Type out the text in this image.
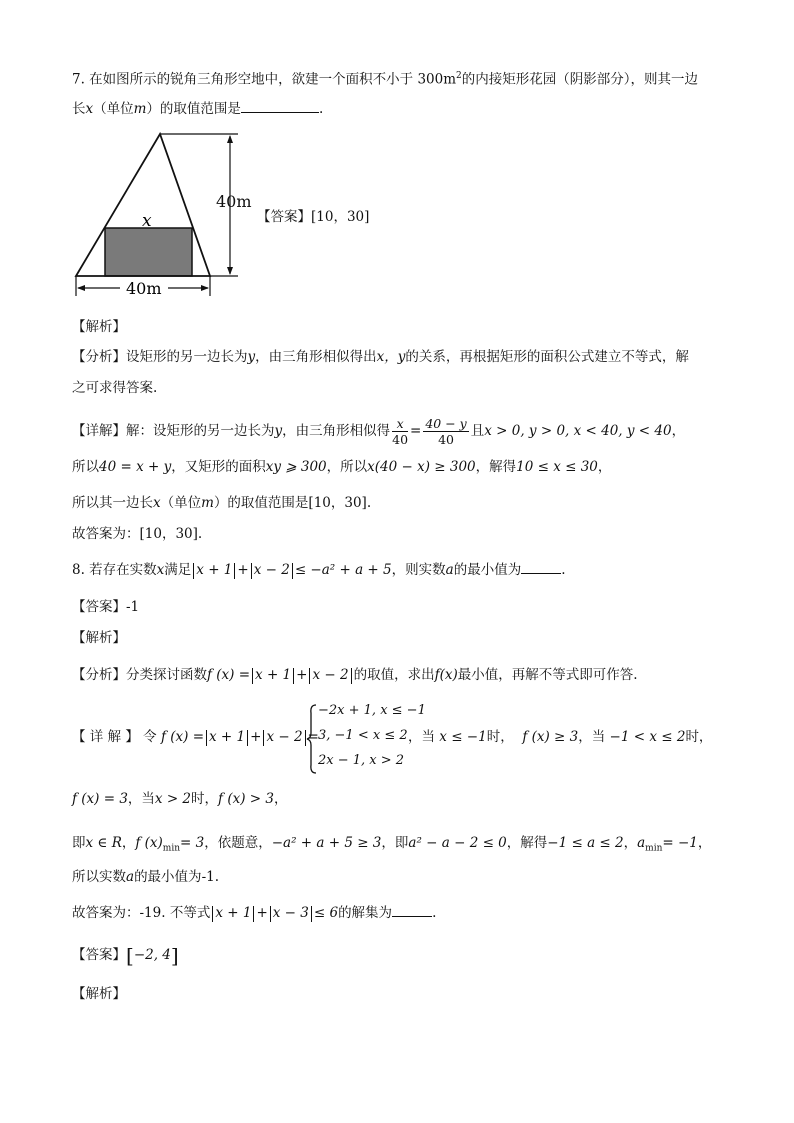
7. 在如图所示的锐角三角形空地中，欲建一个面积不小于 $300m^2$的内接矩形花园（阴影部分），则其一边
长x（单位m）的取值范围是	.
x
40m
40m
【答案】[10，30]
【解析】
【分析】设矩形的另一边长为y，由三角形相似得出x，y的关系，再根据矩形的面积公式建立不等式，解
之可求得答案.
【详解】解：设矩形的另一边长为y，由三角形相似得 $\frac{x}{40} = \frac{40 - y}{40}$ 且x > 0, y > 0, x < 40, y < 40，
所以40 = x + y，又矩形的面积xy ⩾ 300，所以x(40 − x) ≥ 300，解得10 ≤ x ≤ 30，
所以其一边长x（单位m）的取值范围是[10，30].
故答案为：[10，30].
8. 若存在实数x满足 x + 1 + x − 2 ≤ −a² + a + 5，则实数a的最小值为	.
【答案】-1
【解析】
【分析】分类探讨函数f (x) = x + 1 + x − 2 的取值，求出f(x)最小值，再解不等式即可作答.
【 详 解 】 令 f (x) = x + 1 + x − 2 =
−2x + 1, x ≤ −1
3, −1 < x ≤ 2
2x − 1, x > 2
，当 x ≤ −1时， f (x) ≥ 3，当 −1 < x ≤ 2时，
f (x) = 3，当x > 2时，f (x) > 3，
即x ∈ R，f $(x)_{min}= 3$，依题意，−a² + a + 5 ≥ 3，即a² − a − 2 ≤ 0，解得−1 ≤ a ≤ 2，$a_{min}= -1$，
所以实数a的最小值为-1.
故答案为：-19. 不等式 x + 1 + x − 3 ≤ 6的解集为	.
【答案】[−2, 4]
【解析】
